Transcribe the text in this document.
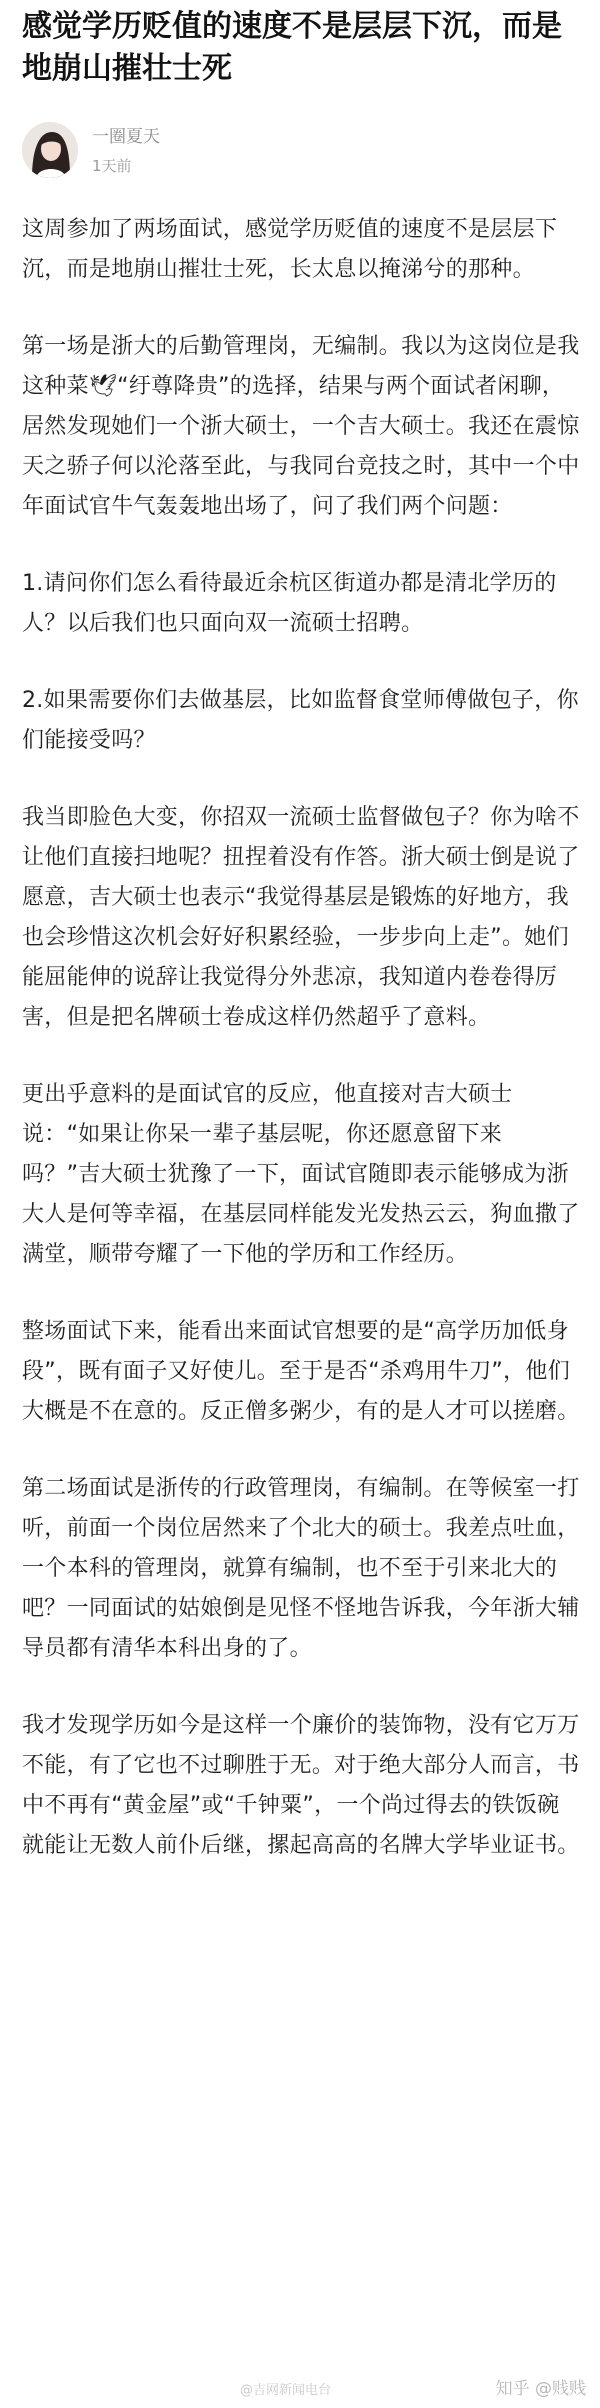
感觉学历贬值的速度不是层层下沉，而是地崩山摧壮士死
一圈夏天
1天前

这周参加了两场面试，感觉学历贬值的速度不是层层下沉，而是地崩山摧壮士死，长太息以掩涕兮的那种。

第一场是浙大的后勤管理岗，无编制。我以为这岗位是我这种菜🕊“纡尊降贵”的选择，结果与两个面试者闲聊，居然发现她们一个浙大硕士，一个吉大硕士。我还在震惊天之骄子何以沦落至此，与我同台竞技之时，其中一个中年面试官牛气轰轰地出场了，问了我们两个问题：

1.请问你们怎么看待最近余杭区街道办都是清北学历的人？以后我们也只面向双一流硕士招聘。

2.如果需要你们去做基层，比如监督食堂师傅做包子，你们能接受吗？

我当即脸色大变，你招双一流硕士监督做包子？你为啥不让他们直接扫地呢？扭捏着没有作答。浙大硕士倒是说了愿意，吉大硕士也表示“我觉得基层是锻炼的好地方，我也会珍惜这次机会好好积累经验，一步步向上走”。她们能屈能伸的说辞让我觉得分外悲凉，我知道内卷卷得厉害，但是把名牌硕士卷成这样仍然超乎了意料。

更出乎意料的是面试官的反应，他直接对吉大硕士说：“如果让你呆一辈子基层呢，你还愿意留下来吗？”吉大硕士犹豫了一下，面试官随即表示能够成为浙大人是何等幸福，在基层同样能发光发热云云，狗血撒了满堂，顺带夸耀了一下他的学历和工作经历。

整场面试下来，能看出来面试官想要的是“高学历加低身段”，既有面子又好使儿。至于是否“杀鸡用牛刀”，他们大概是不在意的。反正僧多粥少，有的是人才可以搓磨。

第二场面试是浙传的行政管理岗，有编制。在等候室一打听，前面一个岗位居然来了个北大的硕士。我差点吐血，一个本科的管理岗，就算有编制，也不至于引来北大的吧？一同面试的姑娘倒是见怪不怪地告诉我，今年浙大辅导员都有清华本科出身的了。

我才发现学历如今是这样一个廉价的装饰物，没有它万万不能，有了它也不过聊胜于无。对于绝大部分人而言，书中不再有“黄金屋”或“千钟粟”，一个尚过得去的铁饭碗就能让无数人前仆后继，摞起高高的名牌大学毕业证书。

@吉网新闻电台	知乎 @贱贱
